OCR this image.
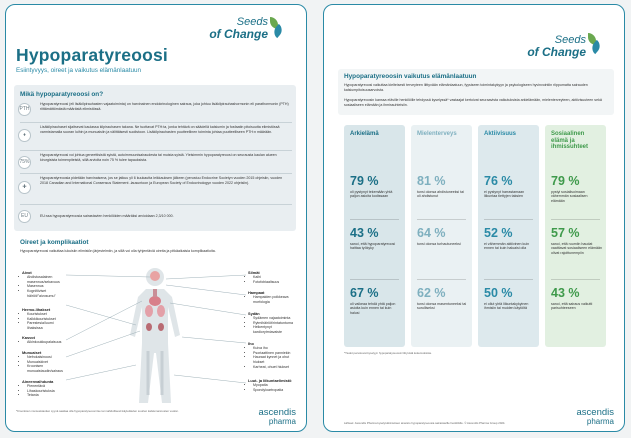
Seeds
of Change
Hypoparatyreoosi
Esiintyvyys, oireet ja vaikutus elämänlaatuun
Mikä hypoparatyreoosi on?
PTH
Hypoparatyreoosi (eli lisäkilpirauhasten vajaatoiminta) on harvinainen endokrinologinen sairaus, joka johtuu lisäkilpirauhashormonin eli parathormonin (PTH) riittämättömästä määrästä elimistössä.
♦
Lisäkilpirauhaset sijaitsevat kaulassa kilpirauhasen takana. Ne tuottavat PTH:ta, jonka tehtävä on säädellä kalsiumin ja fosfaatin pitoisuutta elimistössä varmistamalla suoran luihin ja munuaisiin ja välittäisesti suolistoon. Lisäkilpirauhasten puutteellinen toiminta johtaa puutteelliseen PTH:n määrään.
75%
Hypoparatyreoosi voi johtua geneettisistä syistä, autoimmuunisairaudesta tai muista syistä. Yleisimmin hypoparatyreoosi on seurausta kaulan alueen kirurgisista toimenpiteistä, sillä arviolta noin 75 % tulee tapauksista.
✚
Hypoparatyreoosia pidetään harvinaisena, jos se jatkuu yli 6 kuukautta leikkauksen jälkeen (perustuu Endocrine Societyn vuoden 2015 ohjeisiin, vuoden 2018 Canadian and International Consensus Statement -lausuntoon ja European Society of Endocrinologyn vuoden 2022 ohjeisiin).
EU	EU:ssa hypoparatyreoosia sairastavien henkilöiden määräksi arvioidaan 2,3/10 000.
Oireet ja komplikaatiot
Hypoparatyreoosi vaikuttaa lukuisiin elimistön järjestelmiin, ja sillä voi olla tyhjentäviä oireita ja pitkäaikaisia komplikaatioita.
Aivot
• Ahdistusalainen masennus/sekavuus
• Masennus
• Kognitiiviset häiriöt/"aivosumu"
Hermo-lihakset
• Kouristukset
• Kalkkikouristukset
• Parestesia/luumi lihaksissa
Kasvot
• Aikinkoukkupalaisuus
Munuaiset
• Nefrokalsinoosi
• Munuaiskivet
• Kroonisen munuaistaudin/sairaus
Aineenvaihdunta
• Pienentävä
• Lihaskouristuksia
• Tetania
Silmät
• Kaihi
• Fotofobiaalisuus
Hampaat
• Hampaiden poikkeava morfologia
Sydän
• Sydämen vajaatoiminta
• Rytmihäiriöt/rintatuntuma
• Heikentynyt kardiorytmiavaiste
Iho
• Kuiva iho
• Psoriaattinen panniekin
• Hauraat kynnet ja ohut hiukset
• Karheat, ohuet hiukset
Luut- ja liikuntaelimistö
• Myopatia
• Spondyloartropatia
*Kroonisten munuaistautien syynä saattaa olla hypoparatyreoosi itse tai mahdollisesti käytettävien suurten kalsiumannosten vuoksi.	ascendis
pharma
Seeds
of Change
Hypoparatyreoosin vaikutus elämänlaatuun
Hypoparatyreoosi vaikuttaa kielteisesti terveyteen liittyvään elämänlaatuun, fyysiseen toimintakykyyn ja psykologiseen hyvinvointiin riippumatta sairauden kalsiumpitoisuusarvoista.
Hypoparatyreoosin kanssa eläville henkilöille tehdyssä kyselyssä* vastaajat kertoivat seuraavista vaikutuksista arkielämään, mielenterveyteen, aktiivisuuteen sekä sosiaaliseen elämään ja ihmissuhteisiin.
Arkielämä
79 %
oli pystynyt tekemään yhtä paljon asioita kodissaan
43 %
sanoi, että hypoparatyreoosi haittaa työkyky
67 %
oli vaikeaa tehdä yhtä paljon asioita kuin ennen tai kuin halusi
Mielenterveys
81 %
tunsi olonsa ahdistuneeksi tai oli ahdistunut
64 %
tunsi olonsa turhautuneeksi
62 %
tunsi olonsa masentuneeksi tai surulliseksi
Aktiivisuus
76 %
ei pystynyt harrastamaan liikuntaa tiettyjen taksien
52 %
ei vähemmän aktiivinen kuin ennen tai kuin haluaisi olla
50 %
ei ollut yhtä liikuntakykyinen ihmisiin tai muiden käytöltä
Sosiaalinen elämä ja ihmissuhteet
79 %
pystyi sosialisoimaan vähemmän sosiaalisen elämään
57 %
sanoi, että ruumiin haudat vaaittavat sosiaaliseen elämään olivat rajoittunempiin
43 %
sanoi, että sairaus vaikutti parisuhteeseen
*Tiedot perustuvat kyselyyn hypoparatyreoosin liittyvistä kokemuksista.
Lähteet: Ascendis Pharma kyselytutkimuksen aineisto hypoparatyreoosia sairastaville henkilöille. © Ascendis Pharma Group 2024.
ascendis
pharma
